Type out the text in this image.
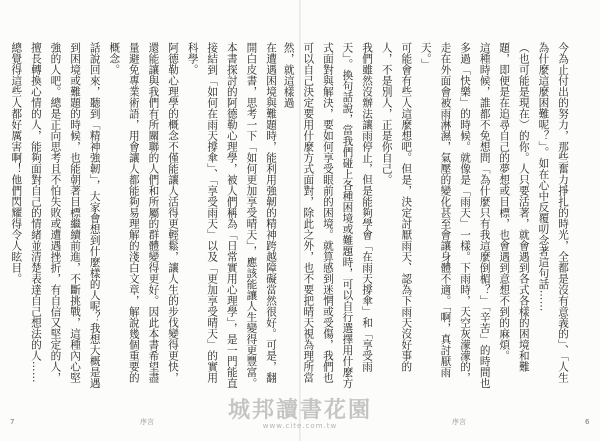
在遭遇困境與難題時，能利用強韌的精神跨越障礙當然很好。可是，翻開白皮書，思考一下「如何更加享受晴天」，應該能讓人生變得更豐富。

本書探討的阿德勒心理學，被人們稱為「日常實用心理學」，是一門能直接結到「如何在雨天撐傘」、「享受雨天」以及「更加享受晴天」的實用科學。

阿德勒心理學的概念不僅能讓人活得更輕鬆，讓人生的步伐變得更快，還能讓與我們有所關聯的人們和所屬的群體變得更好。因此本書希望盡量避免專業術語，用會讓人都能夠易理解的淺白文章，解說幾個重要的概念。

話說回來，聽到「精神強韌」，大家會想到什麼樣的人呢？我想大概是遇到困境或難題的時候，也能朝著目標繼續前進，不斷挑戰，這種內心堅強的人吧。總是正向思考且不怕失敗或遭遇挫折，有自信又堅定的人，擅長轉換心情的人，能夠面對自己的情緒並清楚表達自己想法的人……總覺得這些人都好厲害啊！他們閃耀得令人眩目。	今為止付出的努力，那些奮力掙扎的時光，全都是沒有意義的」、「人生為什麼這麼困難呢？」。如在心中反覆叨念著這句話……

（也可能是現在）的你。人只要活著，就會遇到各式各樣的困境和難題，即便是在追尋自己的夢想或目標，也會遇到意想不到的麻煩。

這種時候，誰都不免想問「為什麼只有我這麼倒楣？」「辛苦」的時間也多過「快樂」的時候。就像是「雨天」一樣。下雨時，天空灰濛濛的，走在外面會被雨淋濕，氣壓的變化甚至會讓身體不適。「啊，真討厭雨天。」

可能會有些人這麼想吧。但是，決定討厭雨天、認為下雨天沒好事的人，不是別人，正是你自己。

我們雖然沒辦法讓雨停止，但是能夠學會「在雨天撐傘」和「享受雨天」。換句話說，當我們碰上各種困境或難題時，可以自行選擇用什麼方式面對與解決，要如何享受眼前的困境。就算感到迷惘或受傷，我們也可以自己決定要用什麼方式面對，除此之外，也不要把晴天視為理所當然，就這樣過

7	序言	序言	6
城邦讀書花園
www.cite.com.tw
